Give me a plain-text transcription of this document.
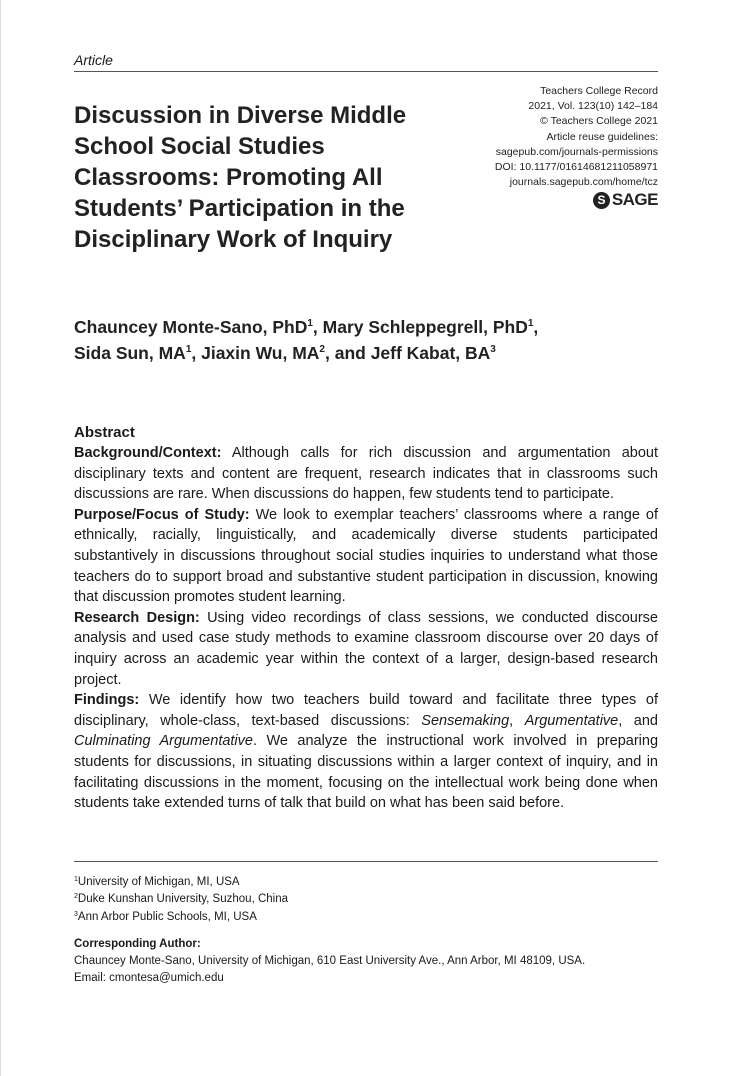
Article
Discussion in Diverse Middle School Social Studies Classrooms: Promoting All Students’ Participation in the Disciplinary Work of Inquiry
Teachers College Record
2021, Vol. 123(10) 142–184
© Teachers College 2021
Article reuse guidelines:
sagepub.com/journals-permissions
DOI: 10.1177/01614681211058971
journals.sagepub.com/home/tcz
S SAGE
Chauncey Monte-Sano, PhD$^1$, Mary Schleppegrell, PhD$^1$,
Sida Sun, $MA^1$, Jiaxin Wu, $MA^2$, and Jeff Kabat, $BA^3$
Abstract

Background/Context: Although calls for rich discussion and argumentation about disciplinary texts and content are frequent, research indicates that in classrooms such discussions are rare. When discussions do happen, few students tend to participate.

Purpose/Focus of Study: We look to exemplar teachers’ classrooms where a range of ethnically, racially, linguistically, and academically diverse students participated substantively in discussions throughout social studies inquiries to understand what those teachers do to support broad and substantive student participation in discussion, knowing that discussion promotes student learning.

Research Design: Using video recordings of class sessions, we conducted discourse analysis and used case study methods to examine classroom discourse over 20 days of inquiry across an academic year within the context of a larger, design-based research project.

Findings: We identify how two teachers build toward and facilitate three types of disciplinary, whole-class, text-based discussions: Sensemaking, Argumentative, and Culminating Argumentative. We analyze the instructional work involved in preparing students for discussions, in situating discussions within a larger context of inquiry, and in facilitating discussions in the moment, focusing on the intellectual work being done when students take extended turns of talk that build on what has been said before.

$^1$University of Michigan, MI, USA
$^2$Duke Kunshan University, Suzhou, China
$^3$Ann Arbor Public Schools, MI, USA
Corresponding Author:
Chauncey Monte-Sano, University of Michigan, 610 East University Ave., Ann Arbor, MI 48109, USA.
Email: cmontesa@umich.edu
